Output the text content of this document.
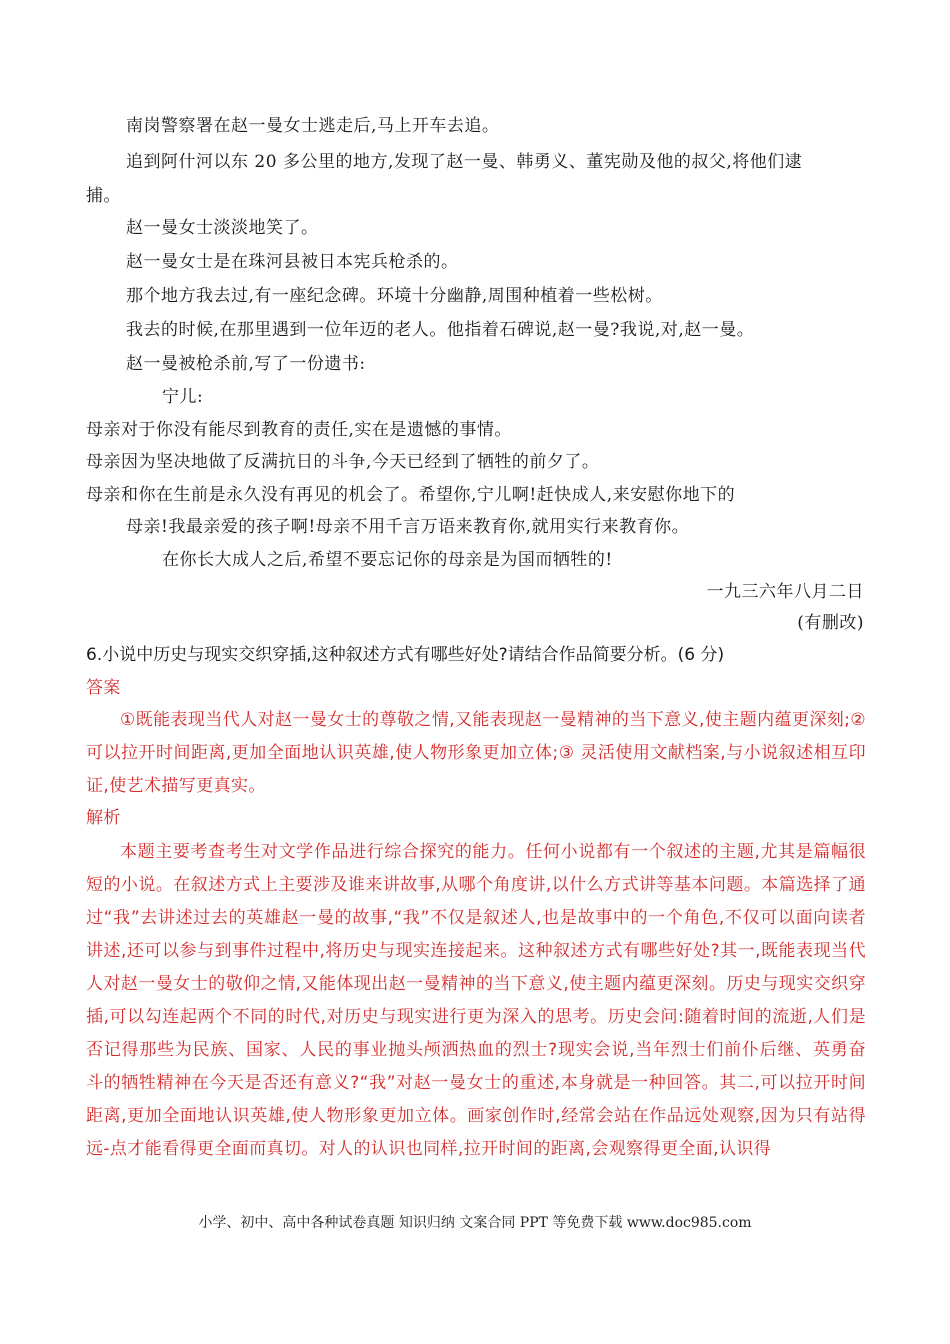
南岗警察署在赵一曼女士逃走后,马上开车去追。
追到阿什河以东 20 多公里的地方,发现了赵一曼、韩勇义、董宪勋及他的叔父,将他们逮
捕。
赵一曼女士淡淡地笑了。
赵一曼女士是在珠河县被日本宪兵枪杀的。
那个地方我去过,有一座纪念碑。环境十分幽静,周围种植着一些松树。
我去的时候,在那里遇到一位年迈的老人。他指着石碑说,赵一曼?我说,对,赵一曼。
赵一曼被枪杀前,写了一份遗书:
宁儿:
母亲对于你没有能尽到教育的责任,实在是遗憾的事情。
母亲因为坚决地做了反满抗日的斗争,今天已经到了牺牲的前夕了。
母亲和你在生前是永久没有再见的机会了。希望你,宁儿啊!赶快成人,来安慰你地下的
母亲!我最亲爱的孩子啊!母亲不用千言万语来教育你,就用实行来教育你。
在你长大成人之后,希望不要忘记你的母亲是为国而牺牲的!
一九三六年八月二日
(有删改)
6.小说中历史与现实交织穿插,这种叙述方式有哪些好处?请结合作品简要分析。(6 分)
答案
①既能表现当代人对赵一曼女士的尊敬之情,又能表现赵一曼精神的当下意义,使主题内蕴更深刻;② 可以拉开时间距离,更加全面地认识英雄,使人物形象更加立体;③ 灵活使用文献档案,与小说叙述相互印证,使艺术描写更真实。
解析
本题主要考查考生对文学作品进行综合探究的能力。任何小说都有一个叙述的主题,尤其是篇幅很短的小说。在叙述方式上主要涉及谁来讲故事,从哪个角度讲,以什么方式讲等基本问题。本篇选择了通过“我”去讲述过去的英雄赵一曼的故事,“我”不仅是叙述人,也是故事中的一个角色,不仅可以面向读者讲述,还可以参与到事件过程中,将历史与现实连接起来。这种叙述方式有哪些好处?其一,既能表现当代人对赵一曼女士的敬仰之情,又能体现出赵一曼精神的当下意义,使主题内蕴更深刻。历史与现实交织穿插,可以勾连起两个不同的时代,对历史与现实进行更为深入的思考。历史会问:随着时间的流逝,人们是否记得那些为民族、国家、人民的事业抛头颅洒热血的烈士?现实会说,当年烈士们前仆后继、英勇奋斗的牺牲精神在今天是否还有意义?“我”对赵一曼女士的重述,本身就是一种回答。其二,可以拉开时间距离,更加全面地认识英雄,使人物形象更加立体。画家创作时,经常会站在作品远处观察,因为只有站得远-点才能看得更全面而真切。对人的认识也同样,拉开时间的距离,会观察得更全面,认识得
小学、初中、高中各种试卷真题 知识归纳 文案合同 PPT 等免费下载 www.doc985.com
